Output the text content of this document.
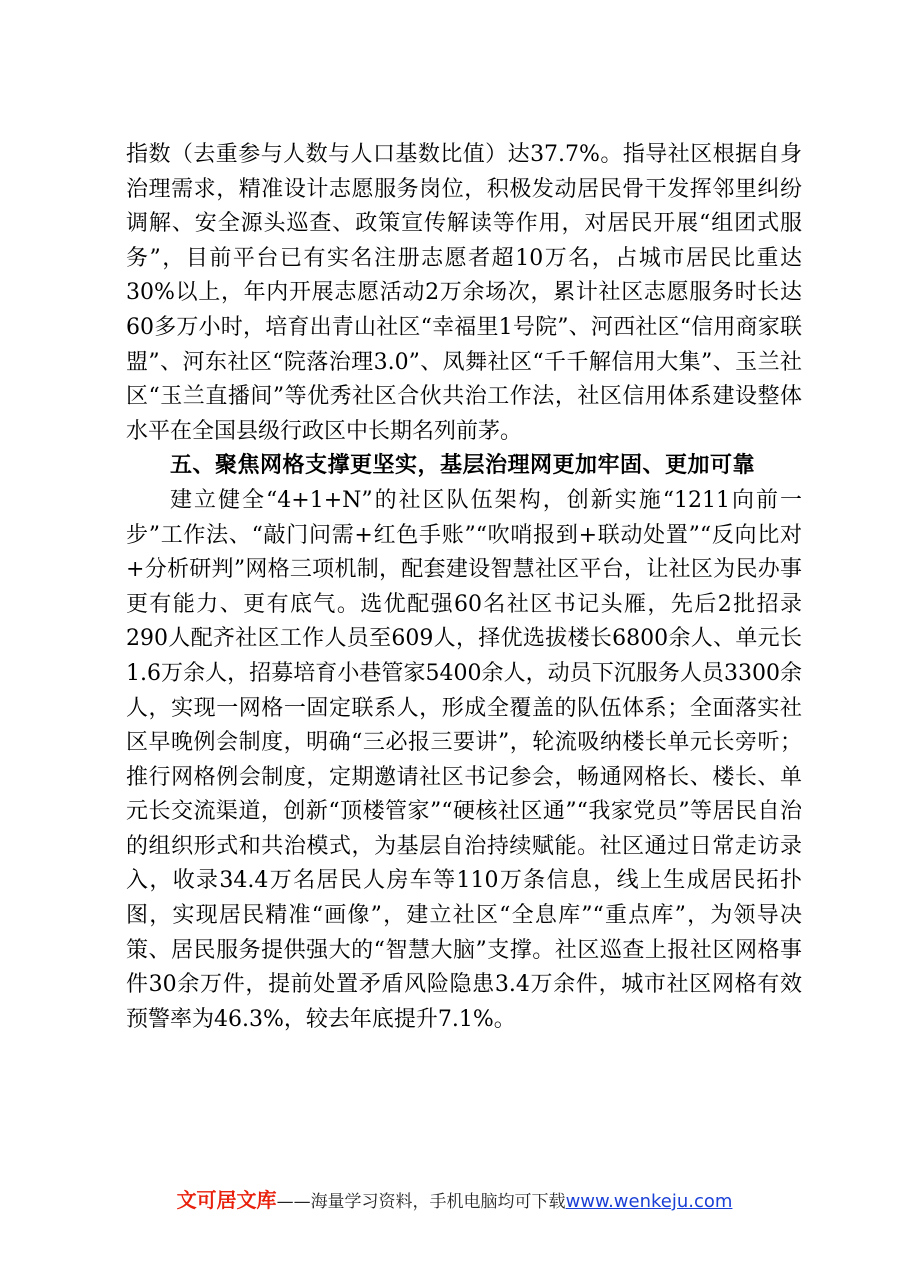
指数（去重参与人数与人口基数比值）达37.7%。指导社区根据自身治理需求，精准设计志愿服务岗位，积极发动居民骨干发挥邻里纠纷调解、安全源头巡查、政策宣传解读等作用，对居民开展“组团式服务”，目前平台已有实名注册志愿者超10万名，占城市居民比重达30%以上，年内开展志愿活动2万余场次，累计社区志愿服务时长达60多万小时，培育出青山社区“幸福里1号院”、河西社区“信用商家联盟”、河东社区“院落治理3.0”、凤舞社区“千千解信用大集”、玉兰社区“玉兰直播间”等优秀社区合伙共治工作法，社区信用体系建设整体水平在全国县级行政区中长期名列前茅。

五、聚焦网格支撑更坚实，基层治理网更加牢固、更加可靠

建立健全“4+1+N”的社区队伍架构，创新实施“1211向前一步”工作法、“敲门问需+红色手账”“吹哨报到+联动处置”“反向比对+分析研判”网格三项机制，配套建设智慧社区平台，让社区为民办事更有能力、更有底气。选优配强60名社区书记头雁，先后2批招录290人配齐社区工作人员至609人，择优选拔楼长6800余人、单元长1.6万余人，招募培育小巷管家5400余人，动员下沉服务人员3300余人，实现一网格一固定联系人，形成全覆盖的队伍体系；全面落实社区早晚例会制度，明确“三必报三要讲”，轮流吸纳楼长单元长旁听；推行网格例会制度，定期邀请社区书记参会，畅通网格长、楼长、单元长交流渠道，创新“顶楼管家”“硬核社区通”“我家党员”等居民自治的组织形式和共治模式，为基层自治持续赋能。社区通过日常走访录入，收录34.4万名居民人房车等110万条信息，线上生成居民拓扑图，实现居民精准“画像”，建立社区“全息库”“重点库”，为领导决策、居民服务提供强大的“智慧大脑”支撑。社区巡查上报社区网格事件30余万件，提前处置矛盾风险隐患3.4万余件，城市社区网格有效预警率为46.3%，较去年底提升7.1%。

文可居文库——海量学习资料，手机电脑均可下载www.wenkeju.com
